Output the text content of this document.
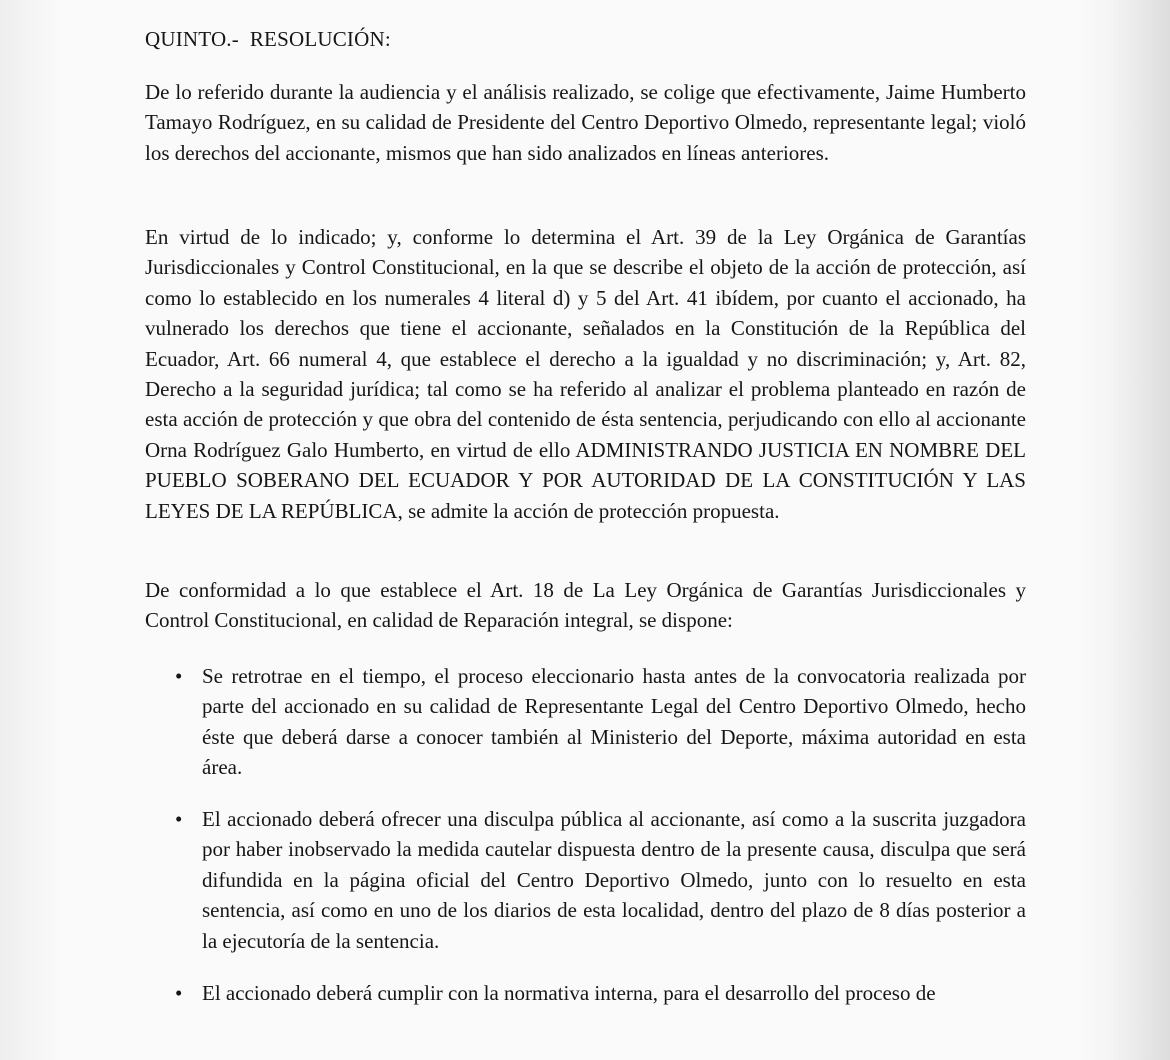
QUINTO.-  RESOLUCIÓN:

De lo referido durante la audiencia y el análisis realizado, se colige que efectivamente, Jaime Humberto Tamayo Rodríguez, en su calidad de Presidente del Centro Deportivo Olmedo, representante legal; violó los derechos del accionante, mismos que han sido analizados en líneas anteriores.

En virtud de lo indicado; y, conforme lo determina el Art. 39 de la Ley Orgánica de Garantías Jurisdiccionales y Control Constitucional, en la que se describe el objeto de la acción de protección, así como lo establecido en los numerales 4 literal d) y 5 del Art. 41 ibídem, por cuanto el accionado, ha vulnerado los derechos que tiene el accionante, señalados en la Constitución de la República del Ecuador, Art. 66 numeral 4, que establece el derecho a la igualdad y no discriminación; y, Art. 82, Derecho a la seguridad jurídica; tal como se ha referido al analizar el problema planteado en razón de esta acción de protección y que obra del contenido de ésta sentencia, perjudicando con ello al accionante Orna Rodríguez Galo Humberto, en virtud de ello ADMINISTRANDO JUSTICIA EN NOMBRE DEL PUEBLO SOBERANO DEL ECUADOR Y POR AUTORIDAD DE LA CONSTITUCIÓN Y LAS LEYES DE LA REPÚBLICA, se admite la acción de protección propuesta.

De conformidad a lo que establece el Art. 18 de La Ley Orgánica de Garantías Jurisdiccionales y Control Constitucional, en calidad de Reparación integral, se dispone:

• Se retrotrae en el tiempo, el proceso eleccionario hasta antes de la convocatoria realizada por parte del accionado en su calidad de Representante Legal del Centro Deportivo Olmedo, hecho éste que deberá darse a conocer también al Ministerio del Deporte, máxima autoridad en esta área.

• El accionado deberá ofrecer una disculpa pública al accionante, así como a la suscrita juzgadora por haber inobservado la medida cautelar dispuesta dentro de la presente causa, disculpa que será difundida en la página oficial del Centro Deportivo Olmedo, junto con lo resuelto en esta sentencia, así como en uno de los diarios de esta localidad, dentro del plazo de 8 días posterior a la ejecutoría de la sentencia.

• El accionado deberá cumplir con la normativa interna, para el desarrollo del proceso de
